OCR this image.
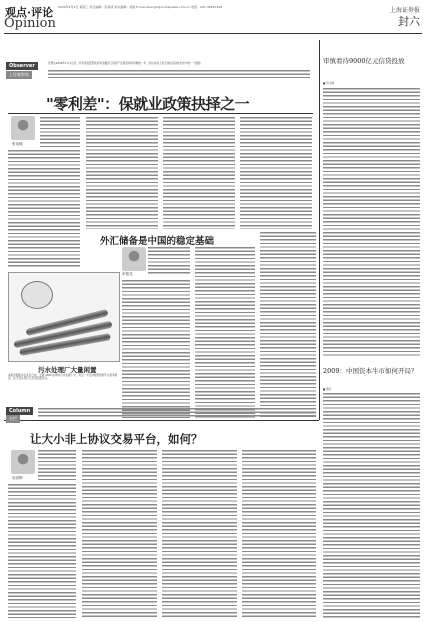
观点·评论
Opinion
2009年2月4日 星期三 责任编辑：张海清 美术编辑：刘艳 E-mail:shengh@cnshipnews.com.cn 电话：021-38967456	上海证券报
封六
Observer
上证观察家
设想从2009年1月1日起，所有价值量型政府和金融部门的资产负债表同时再增加一年，而这实际上是全球性流动性危机中的一个缩影。
"零利差"：保就业政策抉择之一
张茉楠
外汇储备是中国的稳定基础
申银龙
污水处理厂大量闲置
本报讯据新华社北京日电，全国 1000 座城市污水处理厂中，有近一半因为配套管网不完善等原因，处于低负荷运行甚至闲置状态。
审慎看待9000亿元信贷投放
■ 何小鲜
2009：中国资本牛市如何开局？
■ 薛光
Column
专栏
让大小非上协议交易平台，如何？
宋清辉
